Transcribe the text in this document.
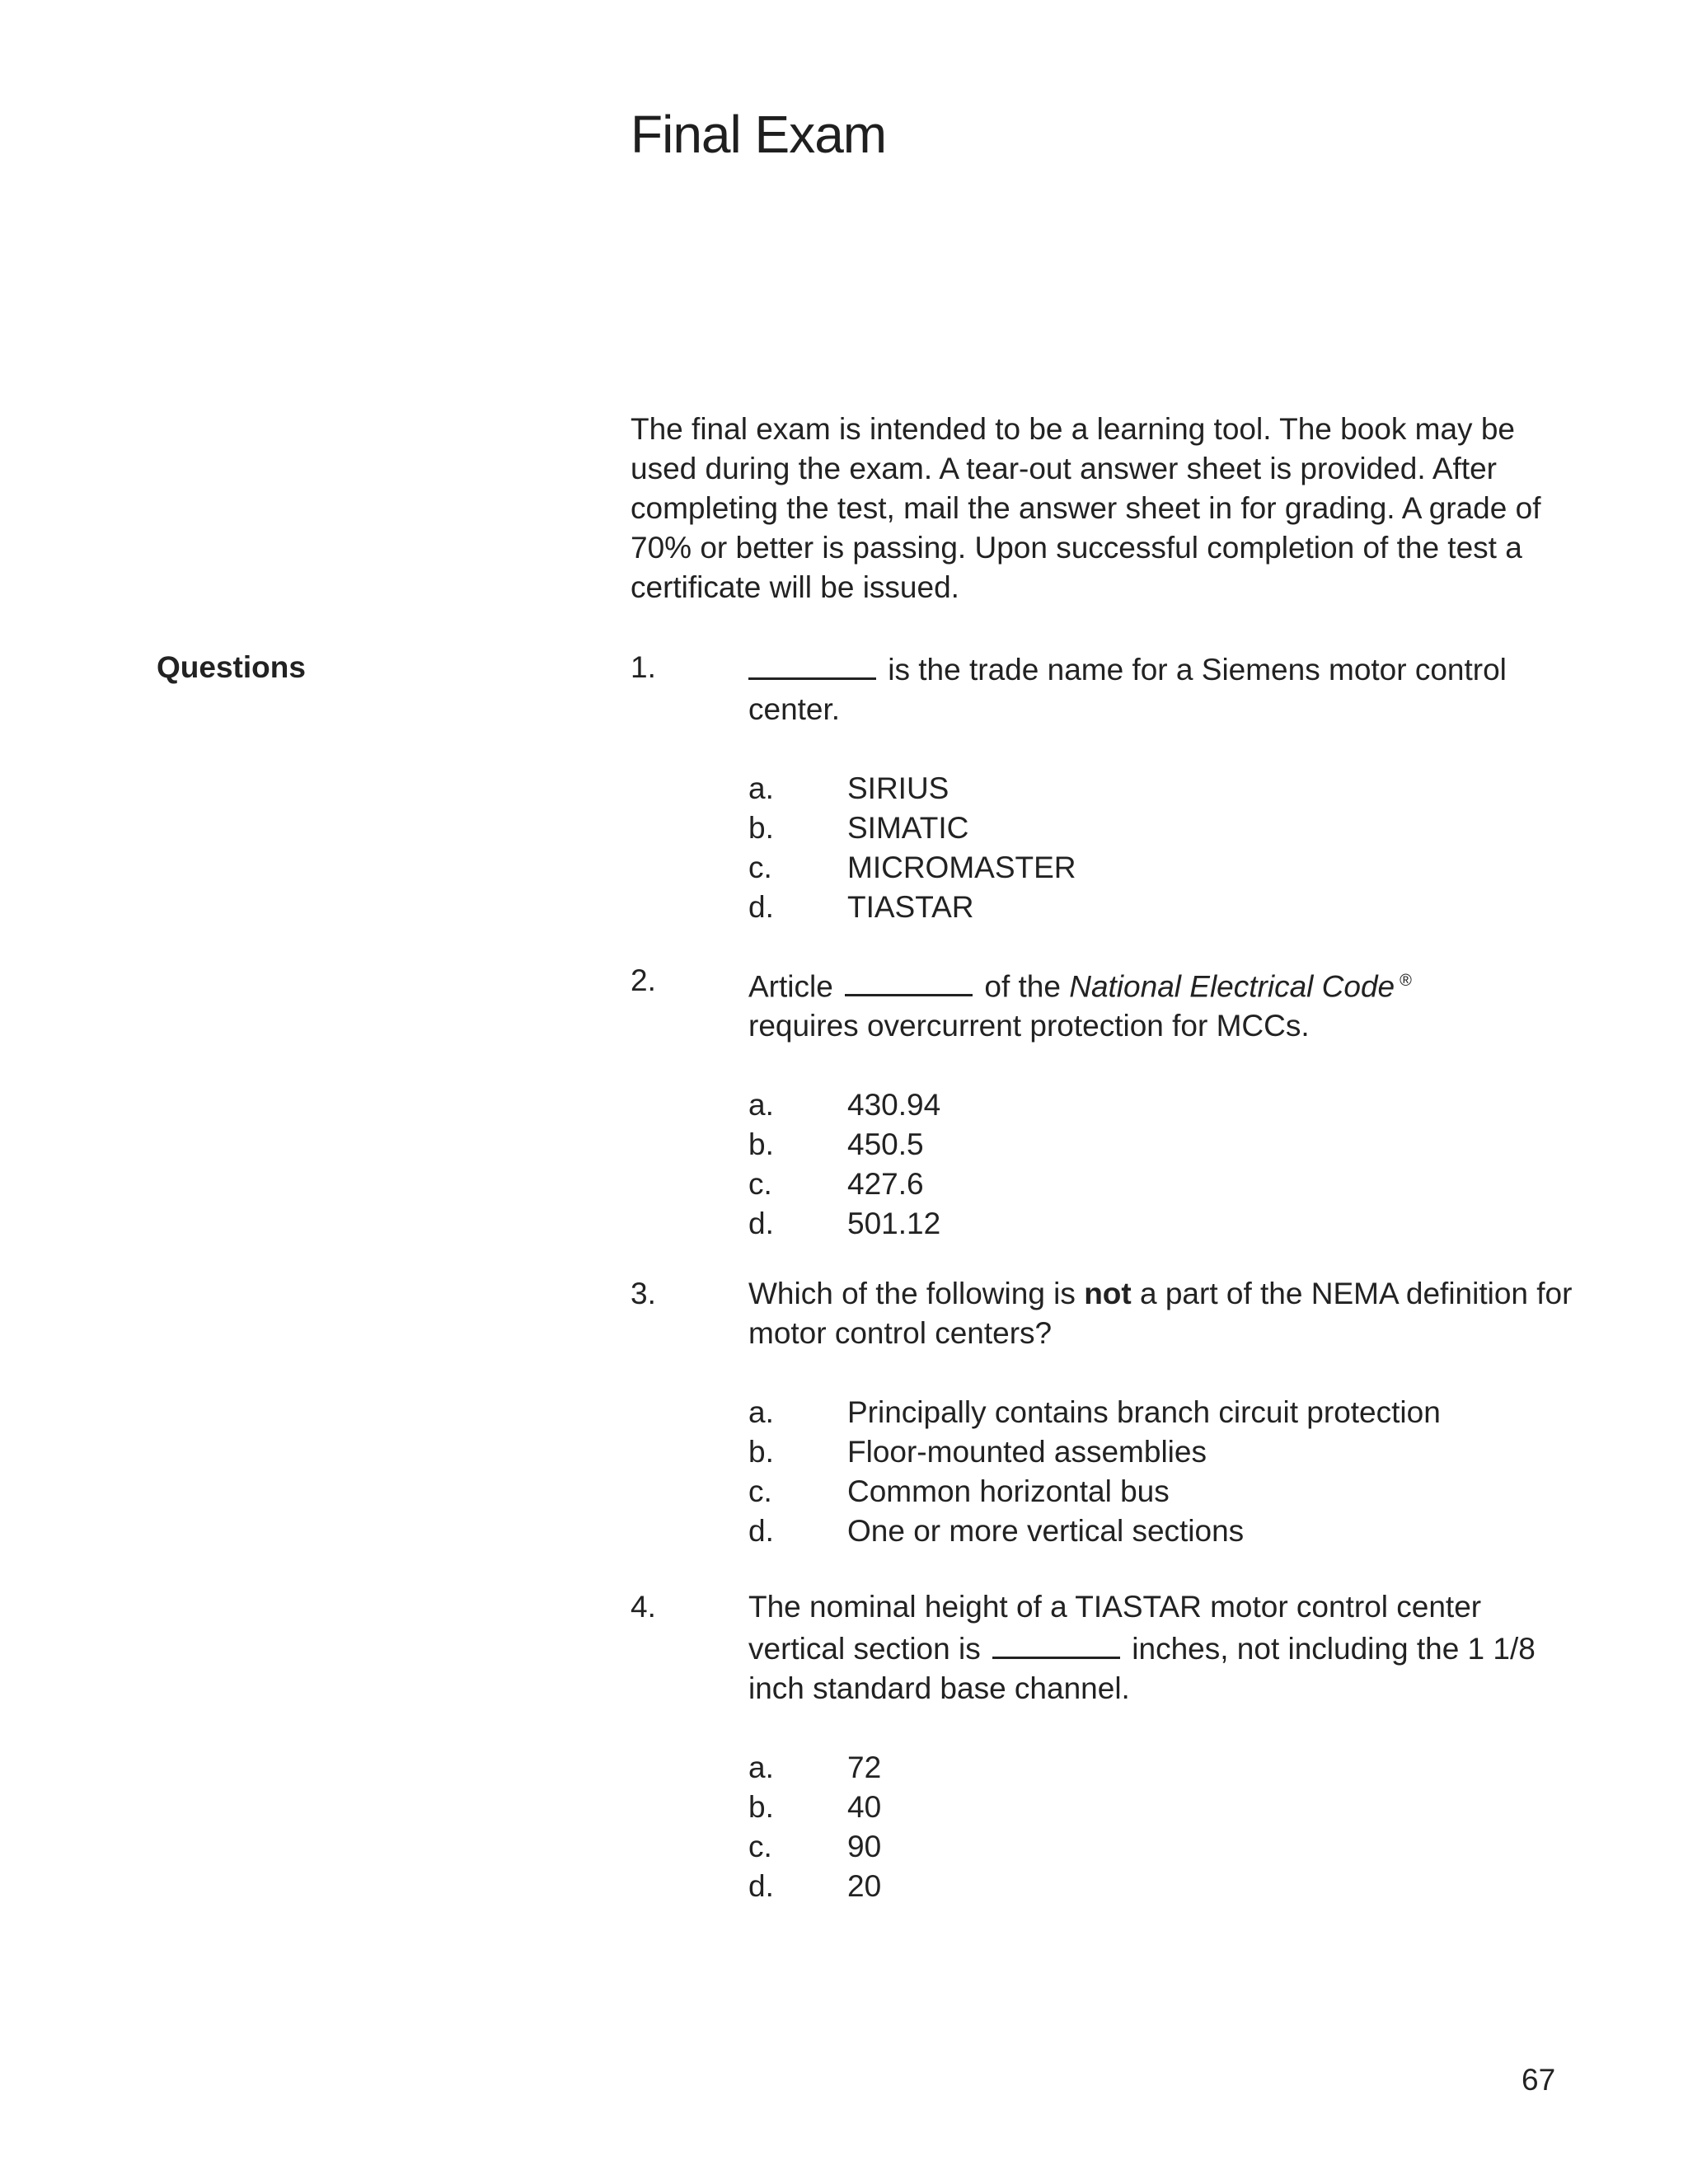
Final Exam

The final exam is intended to be a learning tool. The book may be used during the exam. A tear-out answer sheet is provided. After completing the test, mail the answer sheet in for grading. A grade of 70% or better is passing. Upon successful completion of the test a certificate will be issued.

Questions	1.	is the trade name for a Siemens motor control center.
a. SIRIUS
b. SIMATIC
c. MICROMASTER
d. TIASTAR
2.	Article	of the National Electrical Code ®
requires overcurrent protection for MCCs.
a. 430.94
b. 450.5
c. 427.6
d. 501.12
3.	Which of the following is not a part of the NEMA definition for motor control centers?
a. Principally contains branch circuit protection
b. Floor-mounted assemblies
c. Common horizontal bus
d. One or more vertical sections
4.	The nominal height of a TIASTAR motor control center vertical section is	inches, not including the 1 1/8 inch standard base channel.
a. 72
b. 40
c. 90
d. 20
67
